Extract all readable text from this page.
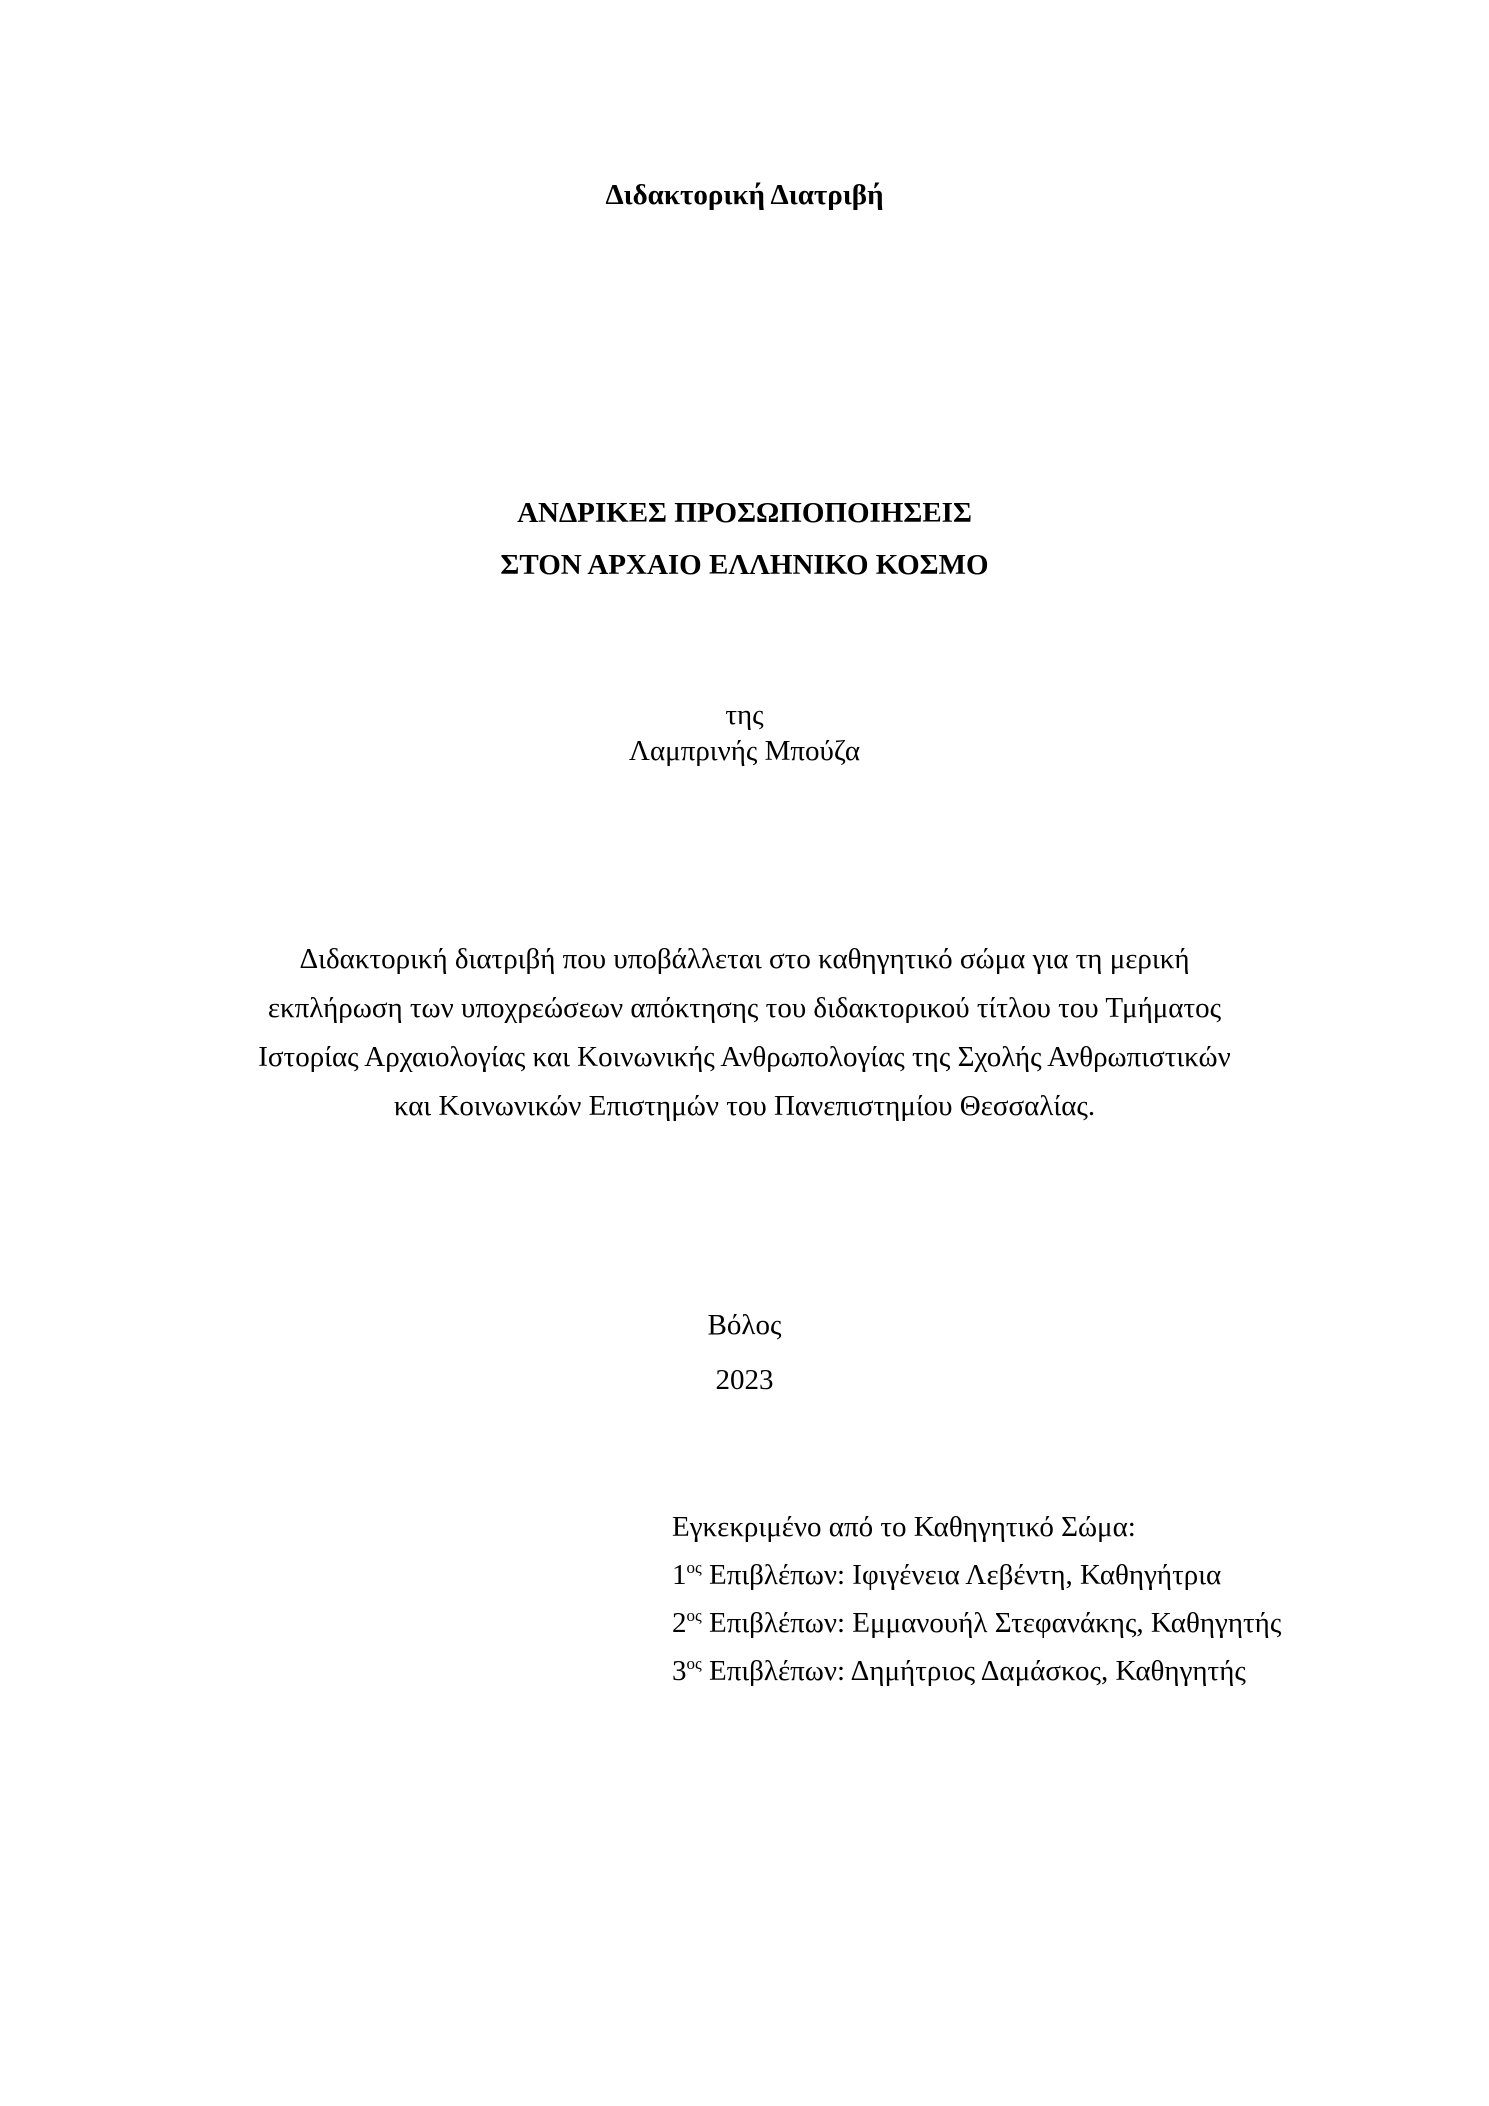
Διδακτορική Διατριβή
ΑΝΔΡΙΚΕΣ ΠΡΟΣΩΠΟΠΟΙΗΣΕΙΣ
ΣΤΟΝ ΑΡΧΑΙΟ ΕΛΛΗΝΙΚΟ ΚΟΣΜΟ
της
Λαμπρινής Μπούζα
Διδακτορική διατριβή που υποβάλλεται στο καθηγητικό σώμα για τη μερική
εκπλήρωση των υποχρεώσεων απόκτησης του διδακτορικού τίτλου του Τμήματος
Ιστορίας Αρχαιολογίας και Κοινωνικής Ανθρωπολογίας της Σχολής Ανθρωπιστικών
και Κοινωνικών Επιστημών του Πανεπιστημίου Θεσσαλίας.
Βόλος
2023
Εγκεκριμένο από το Καθηγητικό Σώμα:
$1^{o\varsigma}$ Επιβλέπων: Ιφιγένεια Λεβέντη, Καθηγήτρια
$2^{o\varsigma}$ Επιβλέπων: Εμμανουήλ Στεφανάκης, Καθηγητής
$3^{o\varsigma}$ Επιβλέπων: Δημήτριος Δαμάσκος, Καθηγητής
